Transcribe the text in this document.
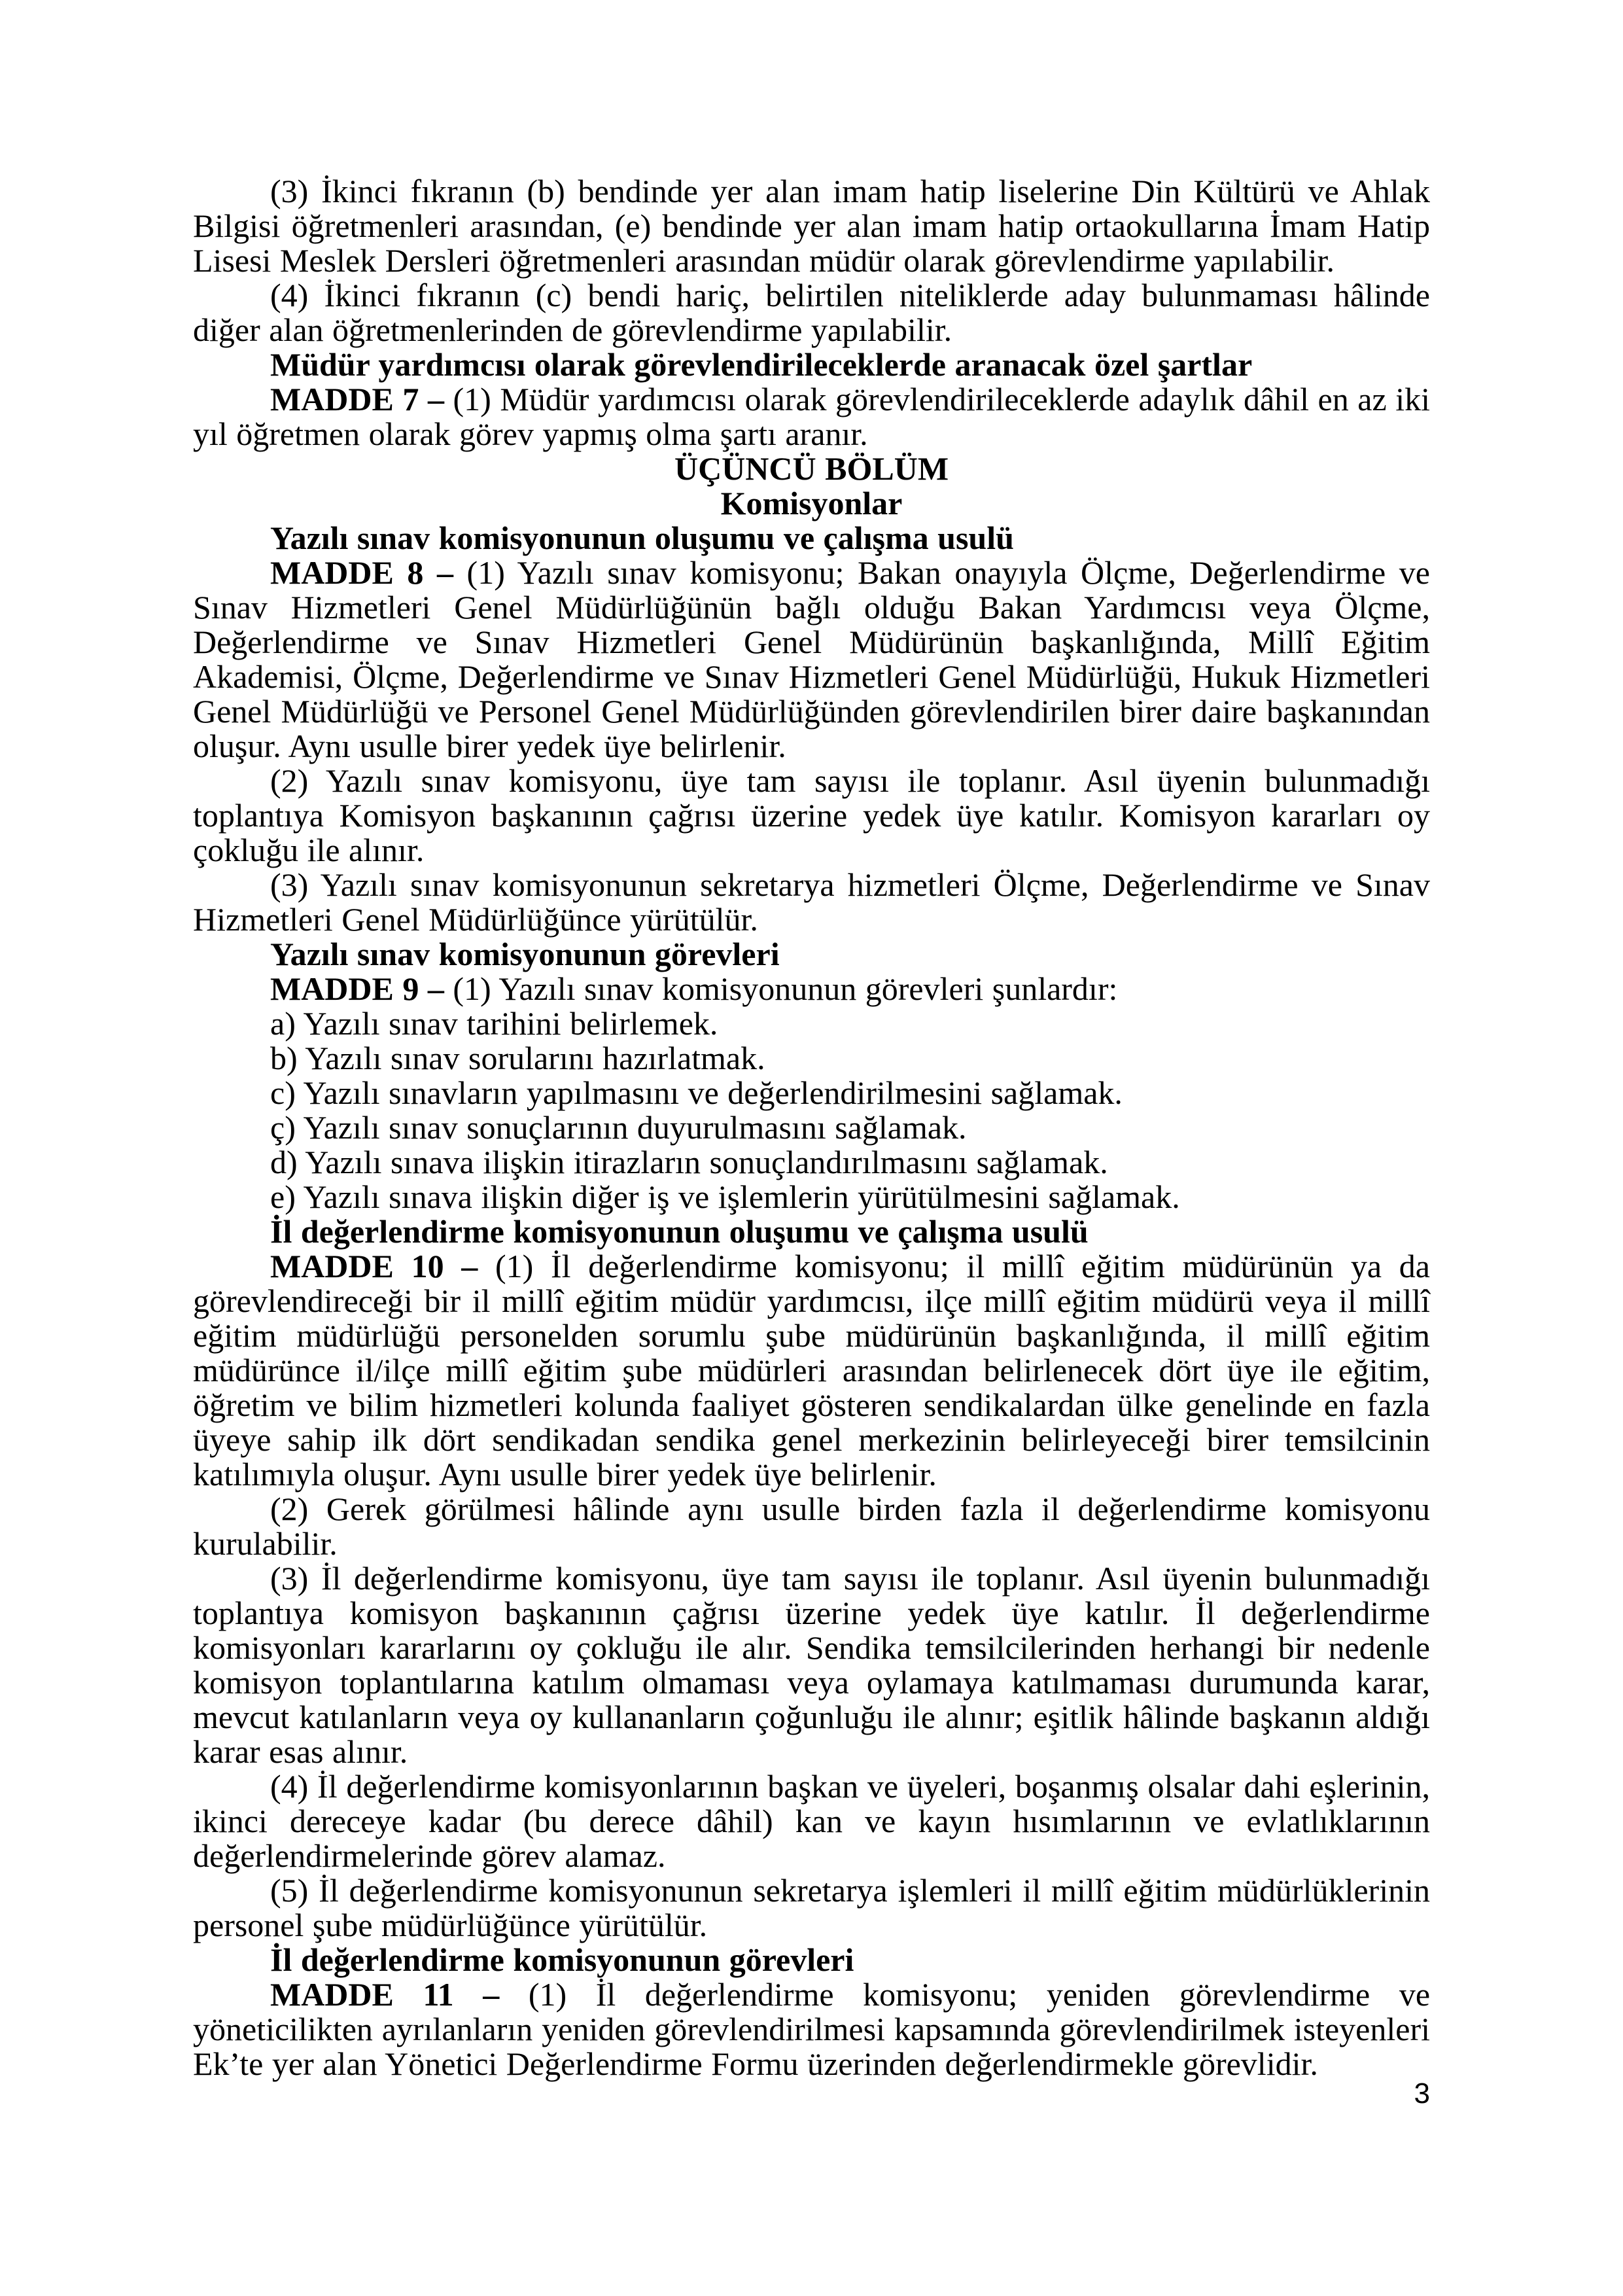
(3) İkinci fıkranın (b) bendinde yer alan imam hatip liselerine Din Kültürü ve Ahlak Bilgisi öğretmenleri arasından, (e) bendinde yer alan imam hatip ortaokullarına İmam Hatip Lisesi Meslek Dersleri öğretmenleri arasından müdür olarak görevlendirme yapılabilir.

(4) İkinci fıkranın (c) bendi hariç, belirtilen niteliklerde aday bulunmaması hâlinde diğer alan öğretmenlerinden de görevlendirme yapılabilir.

Müdür yardımcısı olarak görevlendirileceklerde aranacak özel şartlar

MADDE 7 – (1) Müdür yardımcısı olarak görevlendirileceklerde adaylık dâhil en az iki yıl öğretmen olarak görev yapmış olma şartı aranır.

ÜÇÜNCÜ BÖLÜM

Komisyonlar

Yazılı sınav komisyonunun oluşumu ve çalışma usulü

MADDE 8 – (1) Yazılı sınav komisyonu; Bakan onayıyla Ölçme, Değerlendirme ve Sınav Hizmetleri Genel Müdürlüğünün bağlı olduğu Bakan Yardımcısı veya Ölçme, Değerlendirme ve Sınav Hizmetleri Genel Müdürünün başkanlığında, Millî Eğitim Akademisi, Ölçme, Değerlendirme ve Sınav Hizmetleri Genel Müdürlüğü, Hukuk Hizmetleri Genel Müdürlüğü ve Personel Genel Müdürlüğünden görevlendirilen birer daire başkanından oluşur. Aynı usulle birer yedek üye belirlenir.

(2) Yazılı sınav komisyonu, üye tam sayısı ile toplanır. Asıl üyenin bulunmadığı toplantıya Komisyon başkanının çağrısı üzerine yedek üye katılır. Komisyon kararları oy çokluğu ile alınır.

(3) Yazılı sınav komisyonunun sekretarya hizmetleri Ölçme, Değerlendirme ve Sınav Hizmetleri Genel Müdürlüğünce yürütülür.

Yazılı sınav komisyonunun görevleri

MADDE 9 – (1) Yazılı sınav komisyonunun görevleri şunlardır:

a) Yazılı sınav tarihini belirlemek.

b) Yazılı sınav sorularını hazırlatmak.

c) Yazılı sınavların yapılmasını ve değerlendirilmesini sağlamak.

ç) Yazılı sınav sonuçlarının duyurulmasını sağlamak.

d) Yazılı sınava ilişkin itirazların sonuçlandırılmasını sağlamak.

e) Yazılı sınava ilişkin diğer iş ve işlemlerin yürütülmesini sağlamak.

İl değerlendirme komisyonunun oluşumu ve çalışma usulü

MADDE 10 – (1) İl değerlendirme komisyonu; il millî eğitim müdürünün ya da görevlendireceği bir il millî eğitim müdür yardımcısı, ilçe millî eğitim müdürü veya il millî eğitim müdürlüğü personelden sorumlu şube müdürünün başkanlığında, il millî eğitim müdürünce il/ilçe millî eğitim şube müdürleri arasından belirlenecek dört üye ile eğitim, öğretim ve bilim hizmetleri kolunda faaliyet gösteren sendikalardan ülke genelinde en fazla üyeye sahip ilk dört sendikadan sendika genel merkezinin belirleyeceği birer temsilcinin katılımıyla oluşur. Aynı usulle birer yedek üye belirlenir.

(2) Gerek görülmesi hâlinde aynı usulle birden fazla il değerlendirme komisyonu kurulabilir.

(3) İl değerlendirme komisyonu, üye tam sayısı ile toplanır. Asıl üyenin bulunmadığı toplantıya komisyon başkanının çağrısı üzerine yedek üye katılır. İl değerlendirme komisyonları kararlarını oy çokluğu ile alır. Sendika temsilcilerinden herhangi bir nedenle komisyon toplantılarına katılım olmaması veya oylamaya katılmaması durumunda karar, mevcut katılanların veya oy kullananların çoğunluğu ile alınır; eşitlik hâlinde başkanın aldığı karar esas alınır.

(4) İl değerlendirme komisyonlarının başkan ve üyeleri, boşanmış olsalar dahi eşlerinin, ikinci dereceye kadar (bu derece dâhil) kan ve kayın hısımlarının ve evlatlıklarının değerlendirmelerinde görev alamaz.

(5) İl değerlendirme komisyonunun sekretarya işlemleri il millî eğitim müdürlüklerinin personel şube müdürlüğünce yürütülür.

İl değerlendirme komisyonunun görevleri

MADDE 11 – (1) İl değerlendirme komisyonu; yeniden görevlendirme ve yöneticilikten ayrılanların yeniden görevlendirilmesi kapsamında görevlendirilmek isteyenleri Ek’te yer alan Yönetici Değerlendirme Formu üzerinden değerlendirmekle görevlidir.

3
